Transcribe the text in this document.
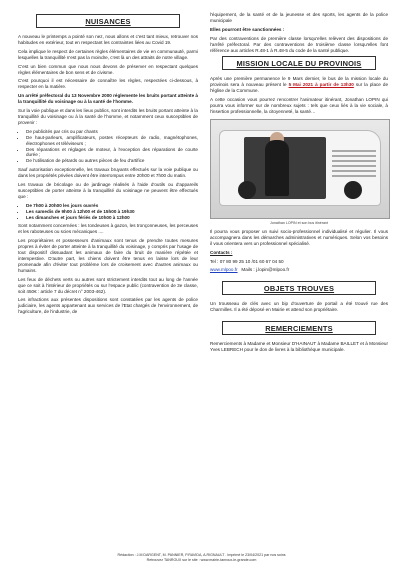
NUISANCES

A nouveau le printemps a pointé son nez, nous allons et c'est tant mieux, retrouver nos habitudes en extérieur, tout en respectant les contraintes liées au Covid 19.

Cela implique le respect de certaines règles élémentaires de vie en communauté, parmi lesquelles la tranquillité n'est pas la moindre, c'est là un des attraits de notre village.

C'est un bien commun que nous nous devons de préserver en respectant quelques règles élémentaires de bon sens et de civisme.

C'est pourquoi il est nécessaire de connaître les règles, respectées ci-dessous, à respecter en la matière.

Un arrêté préfectoral du 13 Novembre 2000 réglemente les bruits portant atteinte à la tranquillité du voisinage ou à la santé de l'homme.

Sur la voie publique et dans les lieux publics, sont interdits les bruits portant atteinte à la tranquillité du voisinage ou à la santé de l'homme, et notamment ceux susceptibles de provenir :

• De publicités par cris ou par chants
• De haut-parleurs, amplificateurs, postes récepteurs de radio, magnétophones, électrophones et téléviseurs ;
• Des réparations et réglages de moteur, à l'exception des réparations de courte durée ;
• De l'utilisation de pétards ou autres pièces de feu d'artifice

Sauf autorisation exceptionnelle, les travaux bruyants effectués sur la voie publique ou dans les propriétés privées doivent être interrompus entre 20h00 et 7h00 du matin.

Les travaux de bricolage ou de jardinage réalisés à l'aide d'outils ou d'appareils susceptibles de porter atteinte à la tranquillité du voisinage ne peuvent être effectués que :

• De 7h00 à 20h00 les jours ouvrés
• Les samedis de 9h00 à 12h00 et de 15h00 à 19h30
• Les dimanches et jours fériés de 10h00 à 12h00

Sont notamment concernées : les tondeuses à gazon, les tronçonneuses, les perceuses et les raboteuses ou scies mécaniques ....

Les propriétaires et possesseurs d'animaux sont tenus de prendre toutes mesures propres à éviter de porter atteinte à la tranquillité du voisinage, y compris par l'usage de tout dispositif dissuadant les animaux de faire du bruit de manière répétée et intempestive. D'autre part, les chiens doivent être tenus en laisse lors de leur promenade afin d'éviter tout problème lors de croisement avec d'autres animaux ou humains.

Les feux de déchets verts ou autres sont strictement interdits tout au long de l'année que ce soit à l'intérieur de propriétés ou sur l'espace public (contravention de 3e classe, soit 450€ : article 7 du décret n° 2003-462).

Les infractions aux présentes dispositions sont constatées par les agents de police judiciaire, les agents appartenant aux services de l'Etat chargés de l'environnement, de l'agriculture, de l'industrie, de

l'équipement, de la santé et de la jeunesse et des sports, les agents de la police municipale

Elles pourront être sanctionnées :

Par des contraventions de première classe lorsqu'elles relèvent des dispositions de l'arrêté préfectoral. Par des contraventions de troisième classe lorsqu'elles font référence aux articles R.48-1 à R.48-5 du code de la santé publique.

MISSION LOCALE DU PROVINOIS

Après une première permanence le 9 Mars dernier, le bus de la mission locale du provinois sera à nouveau présent le 5 Mai 2021 à partir de 13h30 sur la place de l'église de la Commune.

A cette occasion vous pourrez rencontrer l'animateur itinérant, Jonathan LOPIN qui pourra vous informer sur de nombreux sujets : tels que ceux liés à la vie sociale, à l'insertion professionnelle, la citoyenneté, la santé…

Jonathan LOPIN et son bus itinérant

Il pourra vous proposer un suivi socio-professionnel individualisé et régulier. Il vous accompagnera dans les démarches administratives et numériques. Selon vos besoins il vous orientera vers un professionnel spécialisé.

Contacts :

Tel : 07 80 99 25 10 /01 60 67 04 50

www.mlpoo.fr Mails : j.lopin@mlpoo.fr

OBJETS TROUVES

Un trousseau de clés avec un bip d'ouverture de portail a été trouvé rue des Charmilles. Il a été déposé en Mairie et attend son propriétaire.

REMERCIEMENTS

Remerciements à Madame et Monsieur D'HAINAUT à Madame BAILLET et à Monsieur Yves LEBRECH pour le don de livres à la bibliothèque municipale.

Rédaction : J.M DARGENT, M. PANNIER, P.RAVIDA, A.RIGNAULT . Imprimé le 23/04/2021 par nos soins
Retrouvez TANROUX sur le site : www.mairie-tanroux-le-grande.com
